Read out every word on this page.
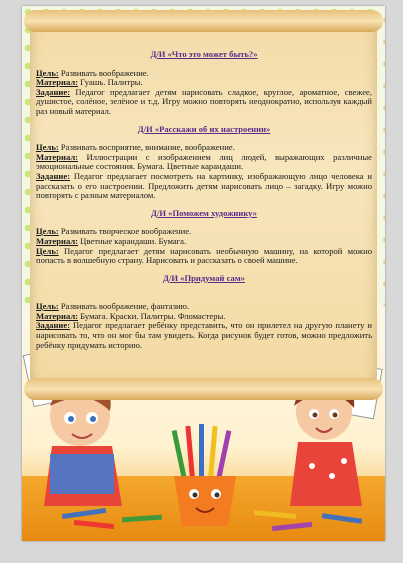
Д/И «Что это может быть?»

Цель: Развивать воображение.

Материал: Гуашь. Палитры.

Задание: Педагог предлагает детям нарисовать сладкое, круглое, ароматное, свежее, душистое, солёное, зелёное и т.д. Игру можно повторять неоднократно, используя каждый раз новый материал.

Д/И «Расскажи об их настроении»

Цель: Развивать восприятие, внимание, воображение.

Материал: Иллюстрации с изображением лиц людей, выражающих различные эмоциональные состояния. Бумага. Цветные карандаши.

Задание: Педагог предлагает посмотреть на картинку, изображающую лицо человека и рассказать о его настроении. Предложить детям нарисовать лицо – загадку. Игру можно повторять с разным материалом.

Д/И «Поможем художнику»

Цель: Развивать творческое воображение.

Материал: Цветные карандаши. Бумага.

Цель: Педагог предлагает детям нарисовать необычную машину, на которой можно попасть в волшебную страну. Нарисовать и рассказать о своей машине.

Д/И «Придумай сам»

Цель: Развивать воображение, фантазию.

Материал: Бумага. Краски. Палитры. Фломастеры.

Задание: Педагог предлагает ребёнку представить, что он прилетел на другую планету и нарисовать то, что он мог бы там увидеть. Когда рисунок будет готов, можно предложить ребёнку придумать историю.
